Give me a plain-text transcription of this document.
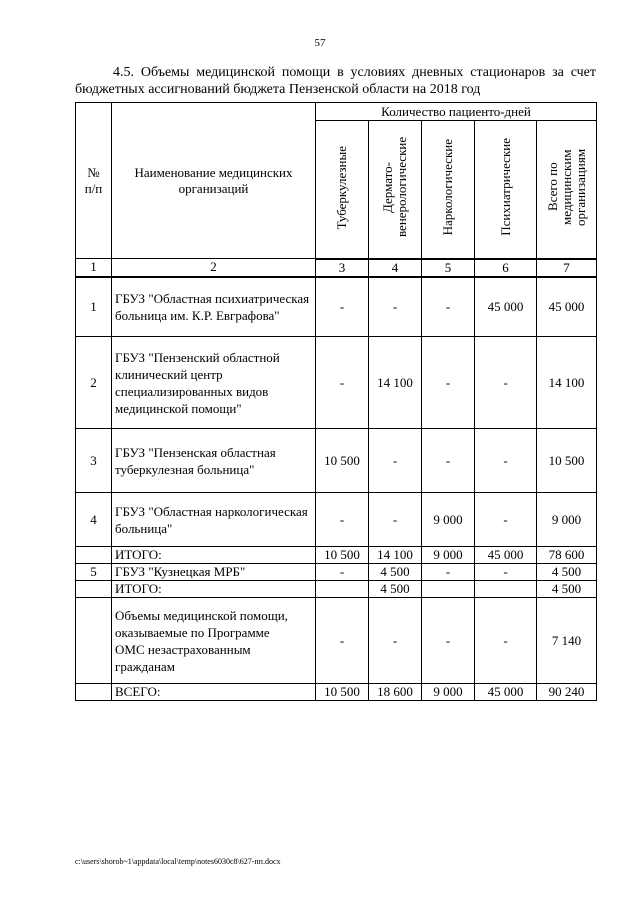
57
4.5. Объемы медицинской помощи в условиях дневных стационаров за счет бюджетных ассигнований бюджета Пензенской области на 2018 год
№ п/п	Наименование медицинских организаций	Количество пациенто-дней				
		Туберкулезные	Дермато-венерологические	Наркологические	Психиатрические	Всего по медицинским организациям
1	2	3	4	5	6	7
1	ГБУЗ "Областная психиатрическая больница им. К.Р. Евграфова"	-	-	-	45 000	45 000
2	ГБУЗ "Пензенский областной клинический центр специализированных видов медицинской помощи"	-	14 100	-	-	14 100
3	ГБУЗ "Пензенская областная туберкулезная больница"	10 500	-	-	-	10 500
4	ГБУЗ "Областная наркологическая больница"	-	-	9 000	-	9 000
	ИТОГО:	10 500	14 100	9 000	45 000	78 600
5	ГБУЗ "Кузнецкая МРБ"	-	4 500	-	-	4 500
	ИТОГО:		4 500			4 500
	Объемы медицинской помощи, оказываемые по Программе ОМС незастрахованным гражданам	-	-	-	-	7 140
	ВСЕГО:	10 500	18 600	9 000	45 000	90 240
c:\users\shorob~1\appdata\local\temp\notes6030c8\627-пп.docx
